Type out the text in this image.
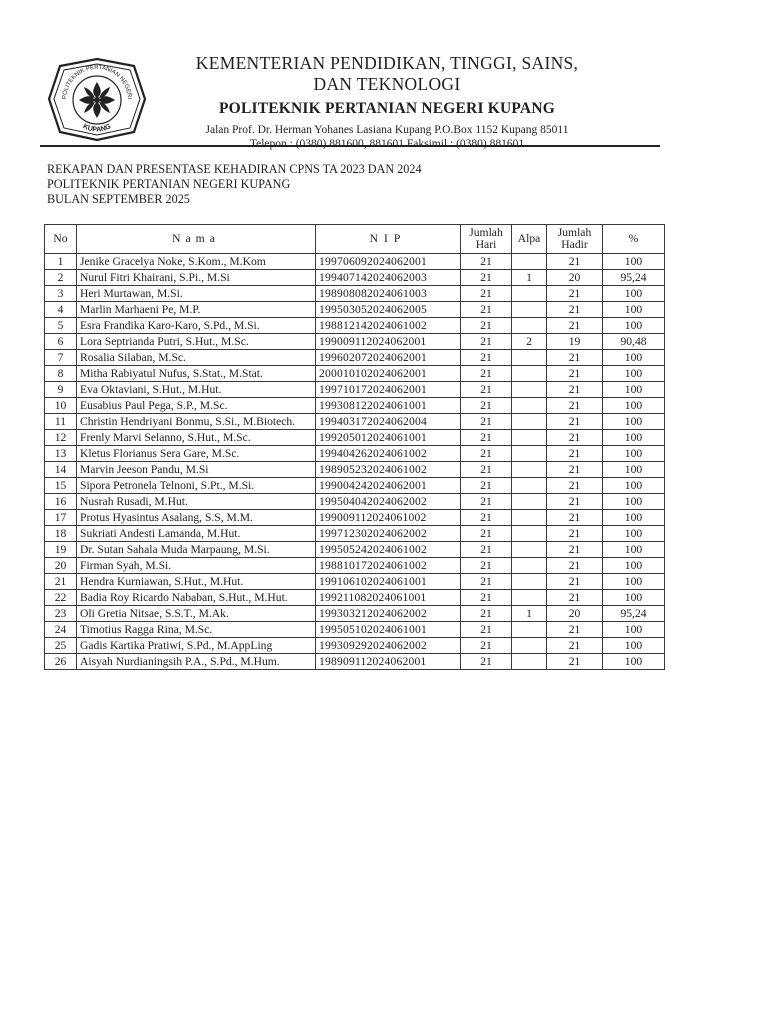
POLITEKNIK PERTANIAN NEGERI
KUPANG
KEMENTERIAN PENDIDIKAN, TINGGI, SAINS,
DAN TEKNOLOGI
POLITEKNIK PERTANIAN NEGERI KUPANG
Jalan Prof. Dr. Herman Yohanes Lasiana Kupang P.O.Box 1152 Kupang 85011
Telepon : (0380) 881600, 881601 Faksimil : (0380) 881601
REKAPAN DAN PRESENTASE KEHADIRAN CPNS TA 2023 DAN 2024
POLITEKNIK PERTANIAN NEGERI KUPANG
BULAN SEPTEMBER 2025
No	Nama	NIP	Jumlah Hari	Alpa	Jumlah Hadir	%
1	Jenike Gracelya Noke, S.Kom., M.Kom	199706092024062001	21		21	100
2	Nurul Fitri Khairani, S.Pi., M.Si	199407142024062003	21	1	20	95,24
3	Heri Murtawan, M.Si.	198908082024061003	21		21	100
4	Marlin Marhaeni Pe, M.P.	199503052024062005	21		21	100
5	Esra Frandika Karo-Karo, S.Pd., M.Si.	198812142024061002	21		21	100
6	Lora Septrianda Putri, S.Hut., M.Sc.	199009112024062001	21	2	19	90,48
7	Rosalia Silaban, M.Sc.	199602072024062001	21		21	100
8	Mitha Rabiyatul Nufus, S.Stat., M.Stat.	200010102024062001	21		21	100
9	Eva Oktaviani, S.Hut., M.Hut.	199710172024062001	21		21	100
10	Eusabius Paul Pega, S.P., M.Sc.	199308122024061001	21		21	100
11	Christin Hendriyani Bonmu, S.Si., M.Biotech.	199403172024062004	21		21	100
12	Frenly Marvi Selanno, S.Hut., M.Sc.	199205012024061001	21		21	100
13	Kletus Florianus Sera Gare, M.Sc.	199404262024061002	21		21	100
14	Marvin Jeeson Pandu, M.Si	198905232024061002	21		21	100
15	Sipora Petronela Telnoni, S.Pt., M.Si.	199004242024062001	21		21	100
16	Nusrah Rusadi, M.Hut.	199504042024062002	21		21	100
17	Protus Hyasintus Asalang, S.S, M.M.	199009112024061002	21		21	100
18	Sukriati Andesti Lamanda, M.Hut.	199712302024062002	21		21	100
19	Dr. Sutan Sahala Muda Marpaung, M.Si.	199505242024061002	21		21	100
20	Firman Syah, M.Si.	198810172024061002	21		21	100
21	Hendra Kurniawan, S.Hut., M.Hut.	199106102024061001	21		21	100
22	Badia Roy Ricardo Nababan, S.Hut., M.Hut.	199211082024061001	21		21	100
23	Oli Gretia Nitsae, S.S.T., M.Ak.	199303212024062002	21	1	20	95,24
24	Timotius Ragga Rina, M.Sc.	199505102024061001	21		21	100
25	Gadis Kartika Pratiwi, S.Pd., M.AppLing	199309292024062002	21		21	100
26	Aisyah Nurdianingsih P.A., S.Pd., M.Hum.	198909112024062001	21		21	100
